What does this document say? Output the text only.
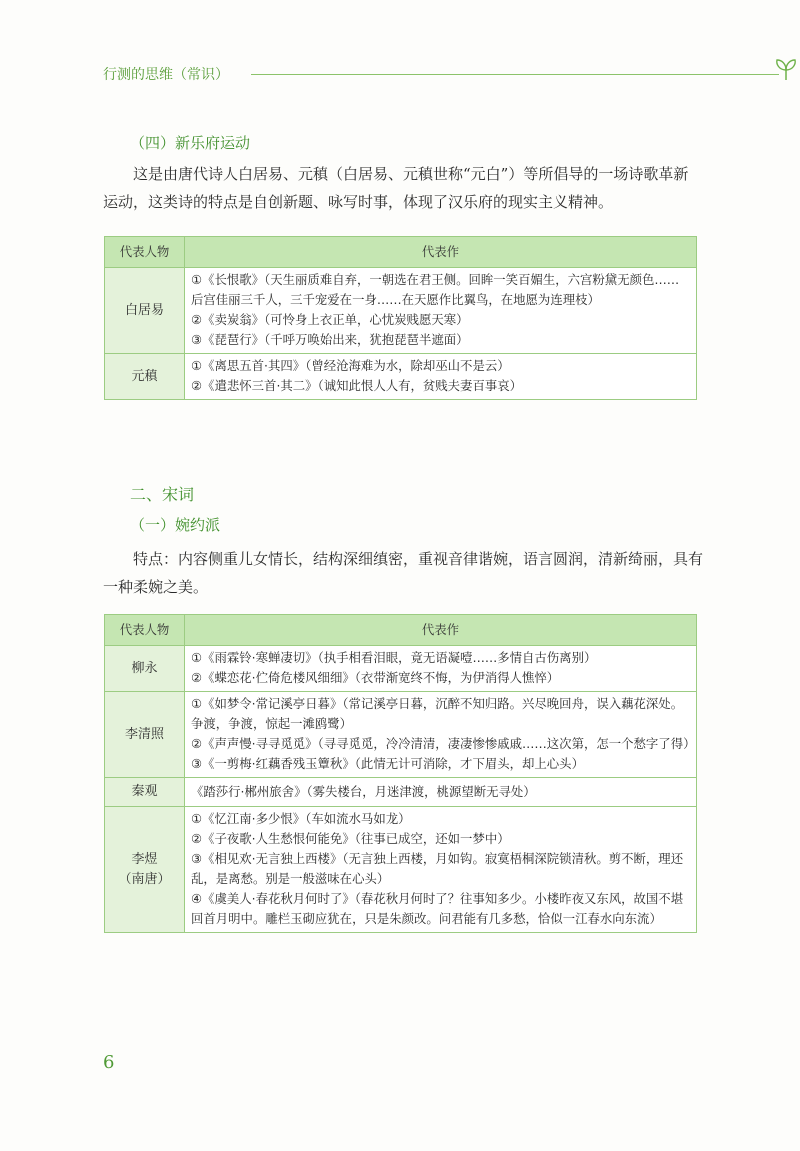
行测的思维（常识）
（四）新乐府运动
这是由唐代诗人白居易、元稹（白居易、元稹世称“元白”）等所倡导的一场诗歌革新运动，这类诗的特点是自创新题、咏写时事，体现了汉乐府的现实主义精神。
代表人物	代表作
白居易	①《长恨歌》（天生丽质难自弃，一朝选在君王侧。回眸一笑百媚生，六宫粉黛无颜色……后宫佳丽三千人，三千宠爱在一身……在天愿作比翼鸟，在地愿为连理枝）
②《卖炭翁》（可怜身上衣正单，心忧炭贱愿天寒）
③《琵琶行》（千呼万唤始出来，犹抱琵琶半遮面）

元稹	①《离思五首·其四》（曾经沧海难为水，除却巫山不是云）
②《遣悲怀三首·其二》（诚知此恨人人有，贫贱夫妻百事哀）
二、宋词
（一）婉约派
特点：内容侧重儿女情长，结构深细缜密，重视音律谐婉，语言圆润，清新绮丽，具有一种柔婉之美。
代表人物	代表作
柳永	①《雨霖铃·寒蝉凄切》（执手相看泪眼，竟无语凝噎……多情自古伤离别）
②《蝶恋花·伫倚危楼风细细》（衣带渐宽终不悔，为伊消得人憔悴）

李清照	①《如梦令·常记溪亭日暮》（常记溪亭日暮，沉醉不知归路。兴尽晚回舟，误入藕花深处。争渡，争渡，惊起一滩鸥鹭）
②《声声慢·寻寻觅觅》（寻寻觅觅，冷冷清清，凄凄惨惨戚戚……这次第，怎一个愁字了得）
③《一剪梅·红藕香残玉簟秋》（此情无计可消除，才下眉头，却上心头）

秦观	《踏莎行·郴州旅舍》（雾失楼台，月迷津渡，桃源望断无寻处）

李煜
（南唐）	①《忆江南·多少恨》（车如流水马如龙）
②《子夜歌·人生愁恨何能免》（往事已成空，还如一梦中）
③《相见欢·无言独上西楼》（无言独上西楼，月如钩。寂寞梧桐深院锁清秋。剪不断，理还乱，是离愁。别是一般滋味在心头）
④《虞美人·春花秋月何时了》（春花秋月何时了？往事知多少。小楼昨夜又东风，故国不堪回首月明中。雕栏玉砌应犹在，只是朱颜改。问君能有几多愁，恰似一江春水向东流）
6
